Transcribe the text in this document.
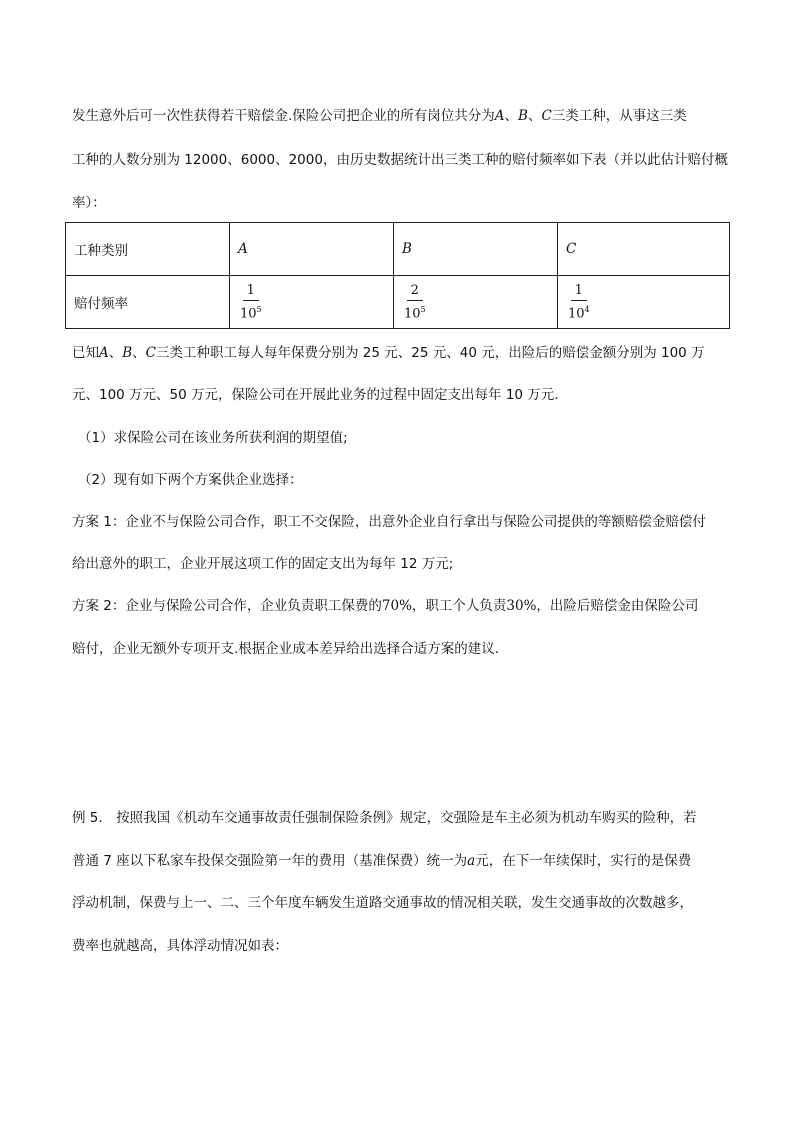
发生意外后可一次性获得若干赔偿金.保险公司把企业的所有岗位共分为A、B、C三类工种，从事这三类
工种的人数分别为 12000、6000、2000，由历史数据统计出三类工种的赔付频率如下表（并以此估计赔付概
率）：
工种类别	A	B	C
赔付频率	$\frac{1}{10^5}$	$\frac{2}{10^5}$	$\frac{1}{10^4}$
已知A、B、C三类工种职工每人每年保费分别为 25 元、25 元、40 元，出险后的赔偿金额分别为 100 万
元、100 万元、50 万元，保险公司在开展此业务的过程中固定支出每年 10 万元.
（1）求保险公司在该业务所获利润的期望值;
（2）现有如下两个方案供企业选择：
方案 1：企业不与保险公司合作，职工不交保险，出意外企业自行拿出与保险公司提供的等额赔偿金赔偿付
给出意外的职工，企业开展这项工作的固定支出为每年 12 万元;
方案 2：企业与保险公司合作，企业负责职工保费的70%，职工个人负责30%，出险后赔偿金由保险公司
赔付，企业无额外专项开支.根据企业成本差异给出选择合适方案的建议.
例 5． 按照我国《机动车交通事故责任强制保险条例》规定，交强险是车主必须为机动车购买的险种，若
普通 7 座以下私家车投保交强险第一年的费用（基准保费）统一为a元，在下一年续保时，实行的是保费
浮动机制，保费与上一、二、三个年度车辆发生道路交通事故的情况相关联，发生交通事故的次数越多，
费率也就越高，具体浮动情况如表：
